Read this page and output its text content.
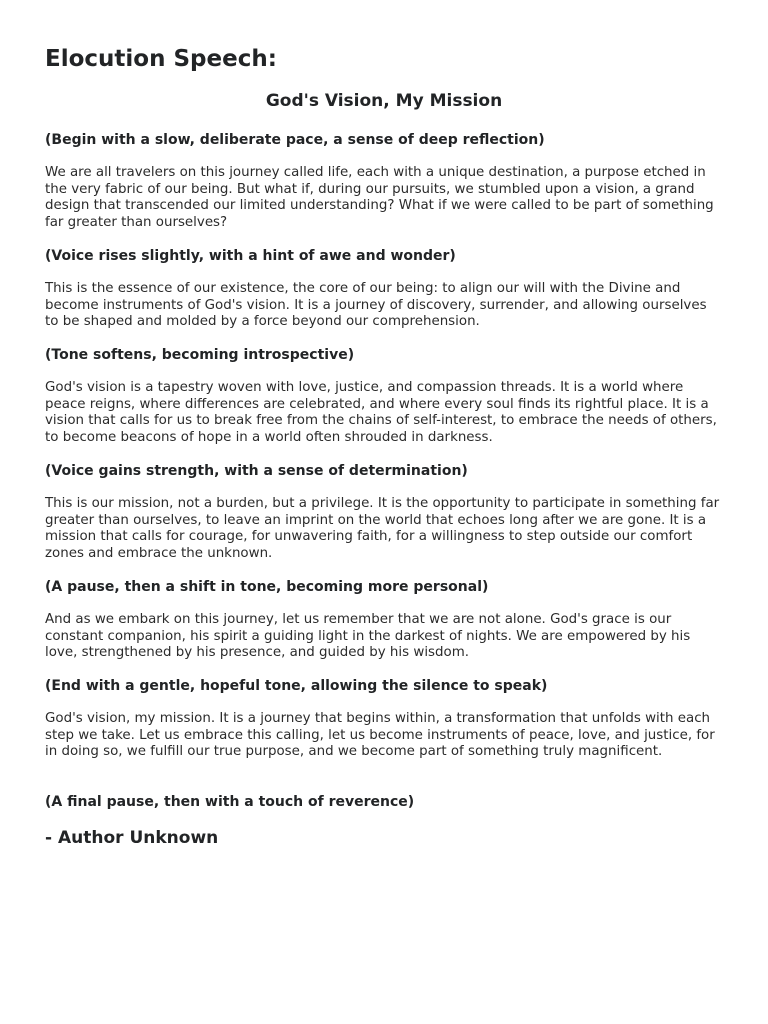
Elocution Speech:
God's Vision, My Mission

(Begin with a slow, deliberate pace, a sense of deep reflection)

We are all travelers on this journey called life, each with a unique destination, a purpose etched in the very fabric of our being. But what if, during our pursuits, we stumbled upon a vision, a grand design that transcended our limited understanding? What if we were called to be part of something far greater than ourselves?

(Voice rises slightly, with a hint of awe and wonder)

This is the essence of our existence, the core of our being: to align our will with the Divine and become instruments of God's vision. It is a journey of discovery, surrender, and allowing ourselves to be shaped and molded by a force beyond our comprehension.

(Tone softens, becoming introspective)

God's vision is a tapestry woven with love, justice, and compassion threads. It is a world where peace reigns, where differences are celebrated, and where every soul finds its rightful place. It is a vision that calls for us to break free from the chains of self-interest, to embrace the needs of others, to become beacons of hope in a world often shrouded in darkness.

(Voice gains strength, with a sense of determination)

This is our mission, not a burden, but a privilege. It is the opportunity to participate in something far greater than ourselves, to leave an imprint on the world that echoes long after we are gone. It is a mission that calls for courage, for unwavering faith, for a willingness to step outside our comfort zones and embrace the unknown.

(A pause, then a shift in tone, becoming more personal)

And as we embark on this journey, let us remember that we are not alone. God's grace is our constant companion, his spirit a guiding light in the darkest of nights. We are empowered by his love, strengthened by his presence, and guided by his wisdom.

(End with a gentle, hopeful tone, allowing the silence to speak)

God's vision, my mission. It is a journey that begins within, a transformation that unfolds with each step we take. Let us embrace this calling, let us become instruments of peace, love, and justice, for in doing so, we fulfill our true purpose, and we become part of something truly magnificent.

(A final pause, then with a touch of reverence)

- Author Unknown
